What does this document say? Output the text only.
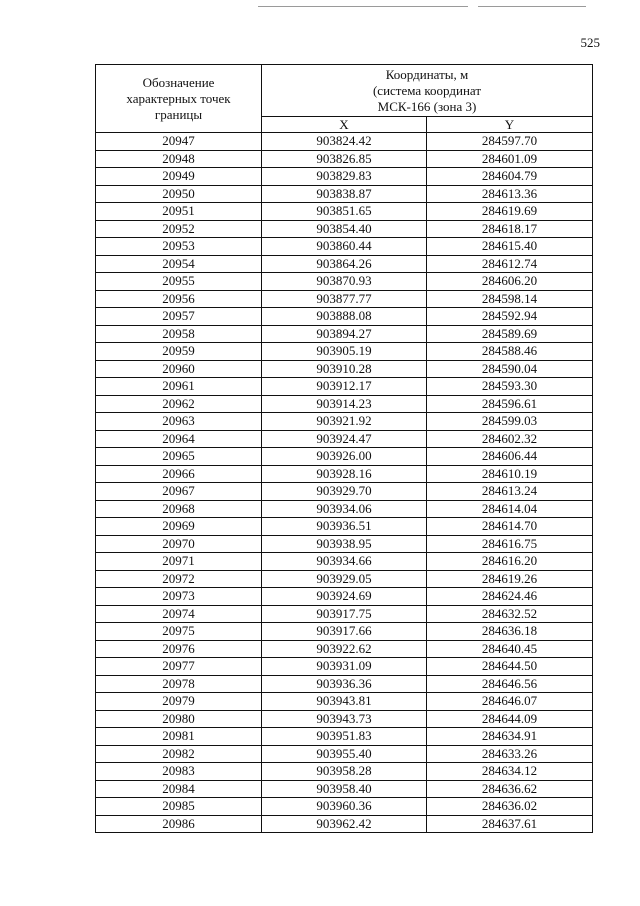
525
Обозначение характерных точек границы	Координаты, м
(система координат
МСК-166 (зона 3)	

	X	Y
20947	903824.42	284597.70
20948	903826.85	284601.09
20949	903829.83	284604.79
20950	903838.87	284613.36
20951	903851.65	284619.69
20952	903854.40	284618.17
20953	903860.44	284615.40
20954	903864.26	284612.74
20955	903870.93	284606.20
20956	903877.77	284598.14
20957	903888.08	284592.94
20958	903894.27	284589.69
20959	903905.19	284588.46
20960	903910.28	284590.04
20961	903912.17	284593.30
20962	903914.23	284596.61
20963	903921.92	284599.03
20964	903924.47	284602.32
20965	903926.00	284606.44
20966	903928.16	284610.19
20967	903929.70	284613.24
20968	903934.06	284614.04
20969	903936.51	284614.70
20970	903938.95	284616.75
20971	903934.66	284616.20
20972	903929.05	284619.26
20973	903924.69	284624.46
20974	903917.75	284632.52
20975	903917.66	284636.18
20976	903922.62	284640.45
20977	903931.09	284644.50
20978	903936.36	284646.56
20979	903943.81	284646.07
20980	903943.73	284644.09
20981	903951.83	284634.91
20982	903955.40	284633.26
20983	903958.28	284634.12
20984	903958.40	284636.62
20985	903960.36	284636.02
20986	903962.42	284637.61
